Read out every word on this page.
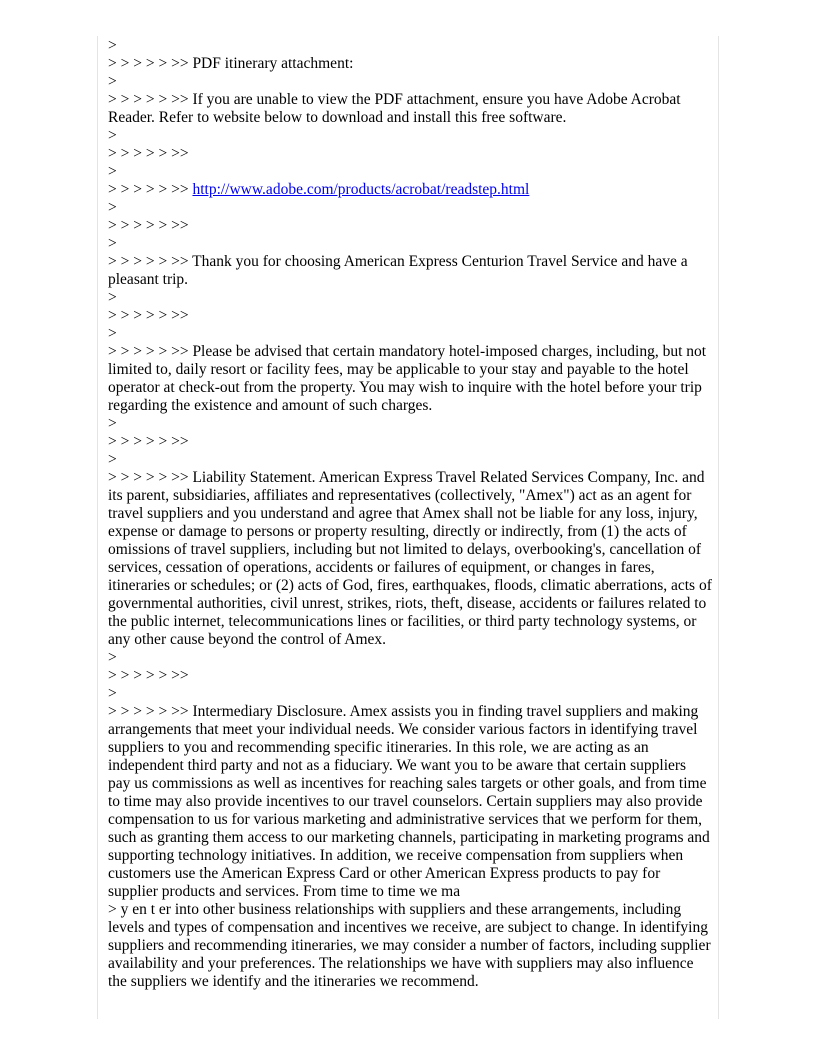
>

> > > > > >> PDF itinerary attachment:

>

> > > > > >> If you are unable to view the PDF attachment, ensure you have Adobe Acrobat Reader. Refer to website below to download and install this free software.

>

> > > > > >>

>

> > > > > >> http://www.adobe.com/products/acrobat/readstep.html

>

> > > > > >>

>

> > > > > >> Thank you for choosing American Express Centurion Travel Service and have a pleasant trip.

>

> > > > > >>

>

> > > > > >> Please be advised that certain mandatory hotel-imposed charges, including, but not limited to, daily resort or facility fees, may be applicable to your stay and payable to the hotel operator at check-out from the property. You may wish to inquire with the hotel before your trip regarding the existence and amount of such charges.

>

> > > > > >>

>

> > > > > >> Liability Statement. American Express Travel Related Services Company, Inc. and its parent, subsidiaries, affiliates and representatives (collectively, "Amex") act as an agent for travel suppliers and you understand and agree that Amex shall not be liable for any loss, injury, expense or damage to persons or property resulting, directly or indirectly, from (1) the acts of omissions of travel suppliers, including but not limited to delays, overbooking's, cancellation of services, cessation of operations, accidents or failures of equipment, or changes in fares, itineraries or schedules; or (2) acts of God, fires, earthquakes, floods, climatic aberrations, acts of governmental authorities, civil unrest, strikes, riots, theft, disease, accidents or failures related to the public internet, telecommunications lines or facilities, or third party technology systems, or any other cause beyond the control of Amex.

>

> > > > > >>

>

> > > > > >> Intermediary Disclosure. Amex assists you in finding travel suppliers and making arrangements that meet your individual needs. We consider various factors in identifying travel suppliers to you and recommending specific itineraries. In this role, we are acting as an independent third party and not as a fiduciary. We want you to be aware that certain suppliers pay us commissions as well as incentives for reaching sales targets or other goals, and from time to time may also provide incentives to our travel counselors. Certain suppliers may also provide compensation to us for various marketing and administrative services that we perform for them, such as granting them access to our marketing channels, participating in marketing programs and supporting technology initiatives. In addition, we receive compensation from suppliers when customers use the American Express Card or other American Express products to pay for supplier products and services. From time to time we ma

> y en t er into other business relationships with suppliers and these arrangements, including levels and types of compensation and incentives we receive, are subject to change. In identifying suppliers and recommending itineraries, we may consider a number of factors, including supplier availability and your preferences. The relationships we have with suppliers may also influence the suppliers we identify and the itineraries we recommend.
